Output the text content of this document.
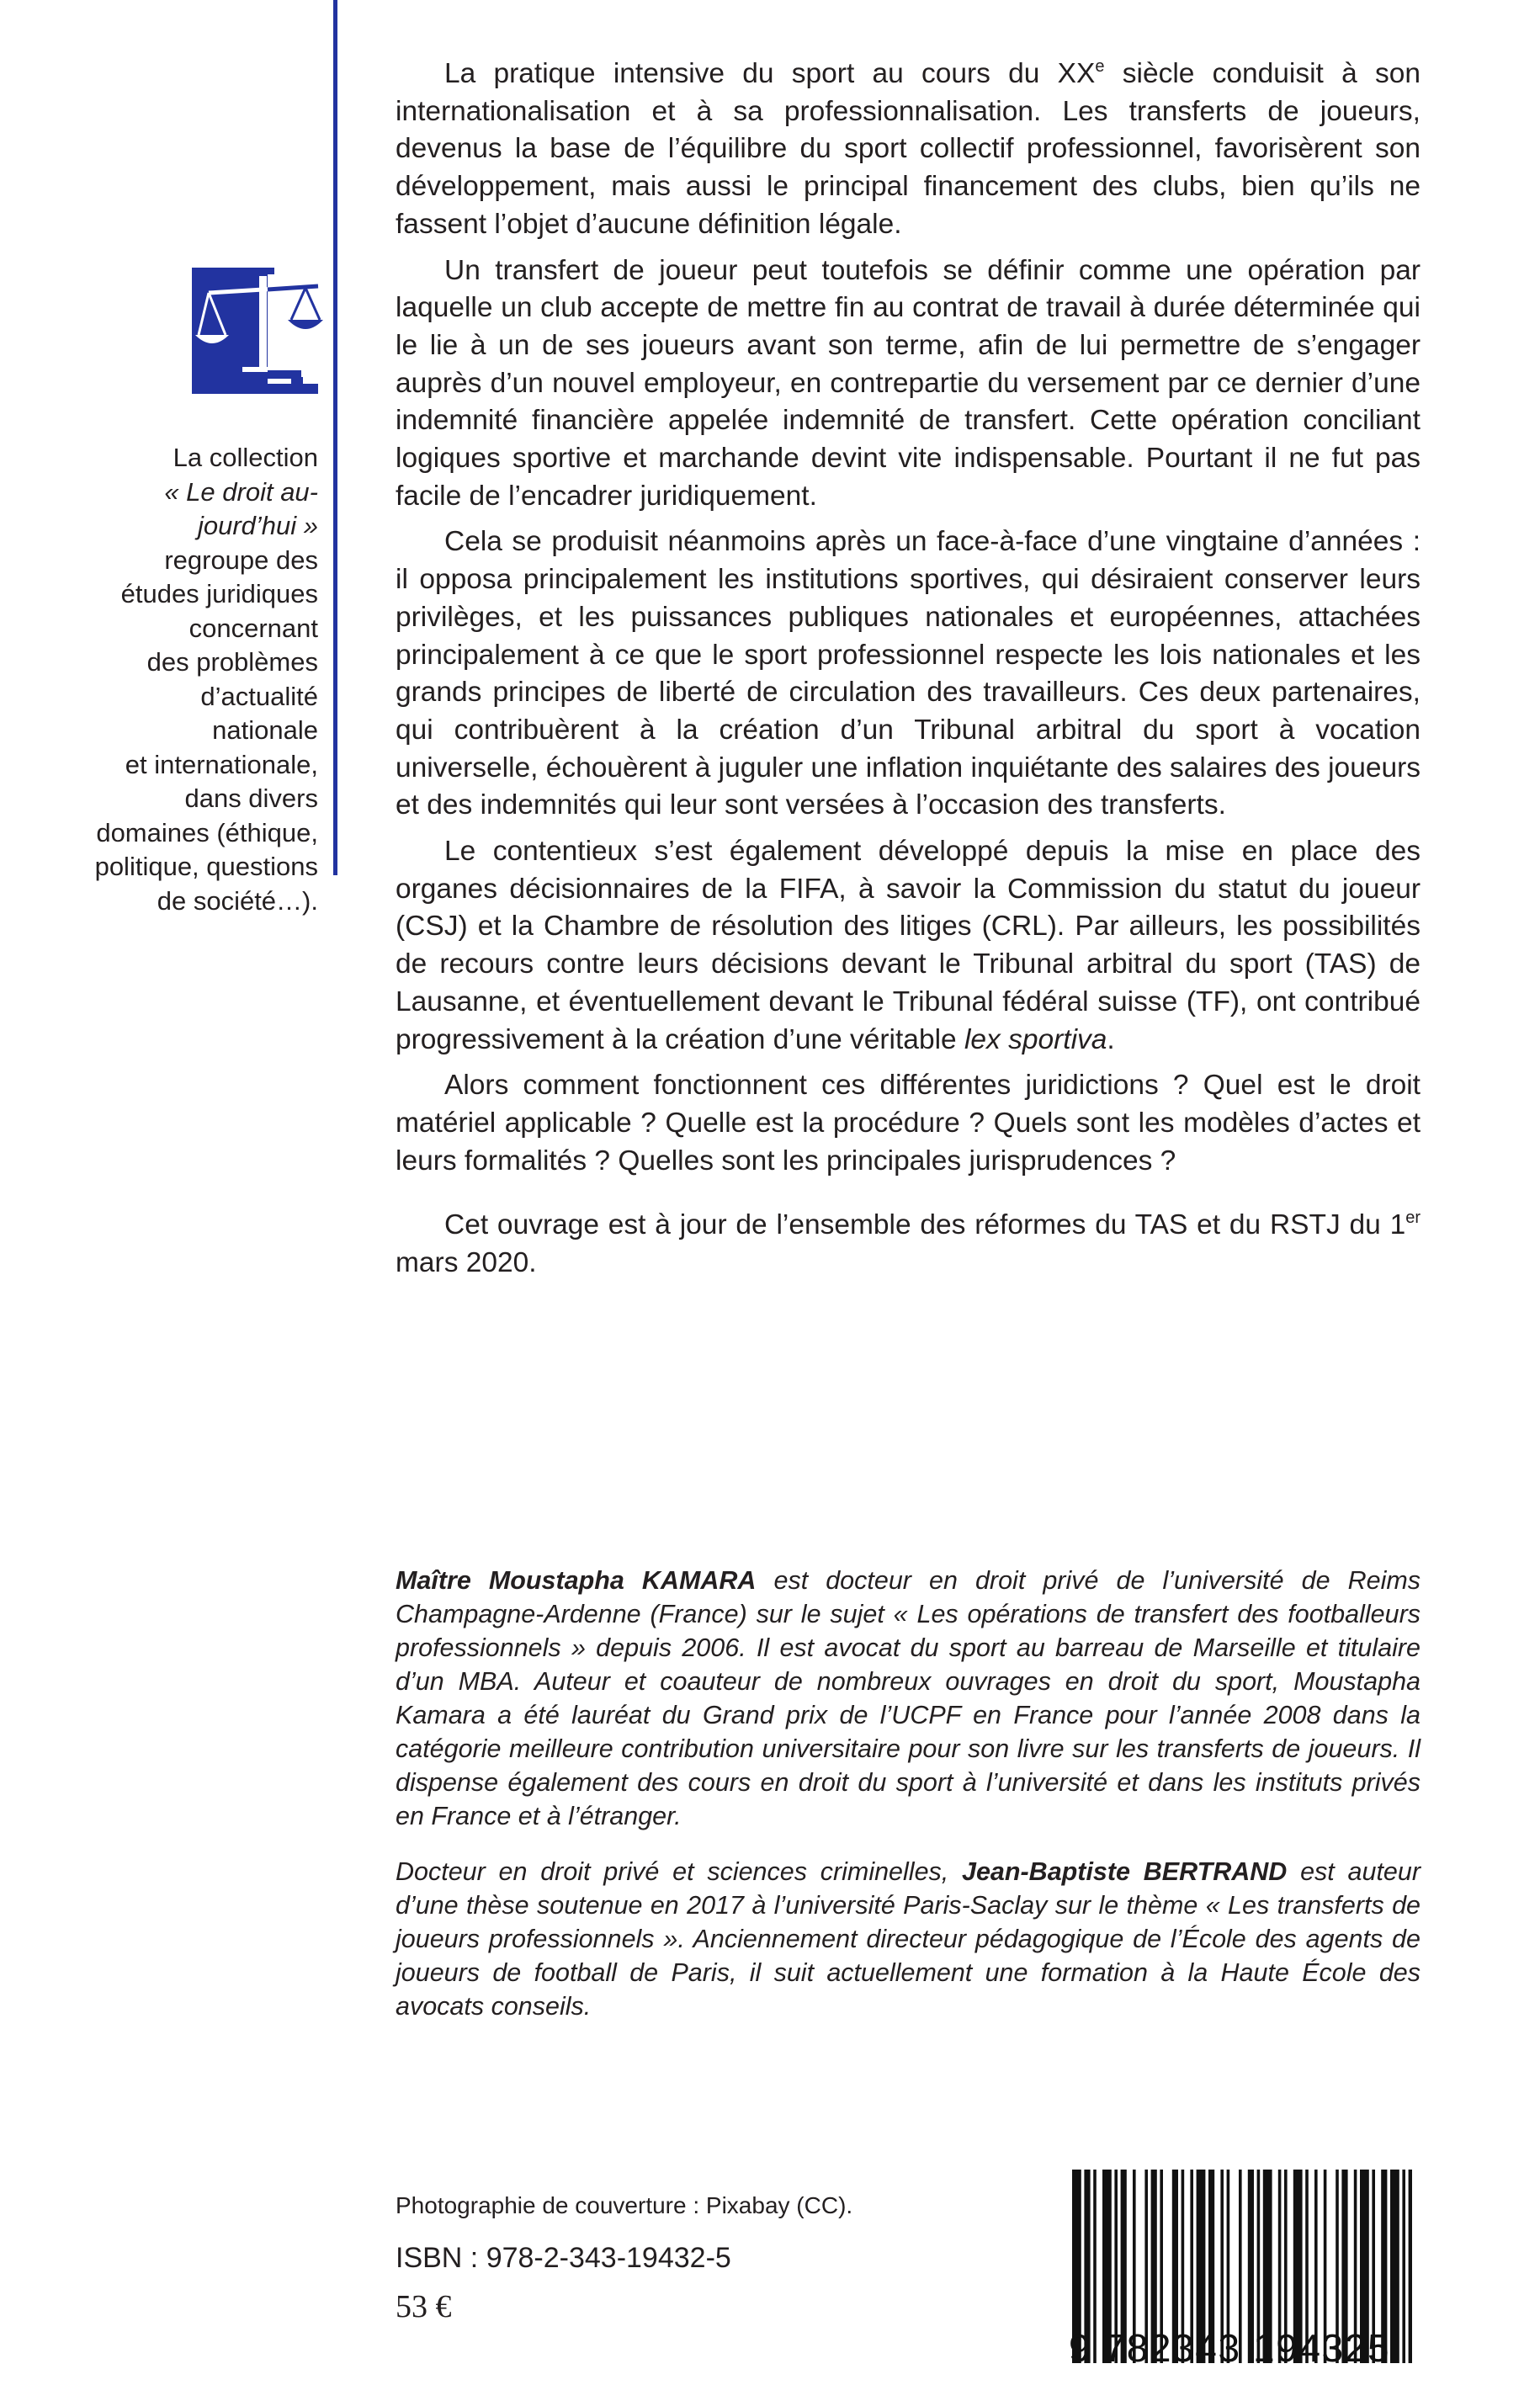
La collection
« Le droit au-
jourd’hui »
regroupe des
études juridiques
concernant
des problèmes
d’actualité nationale
et internationale,
dans divers
domaines (éthique,
politique, questions
de société…).

La pratique intensive du sport au cours du XXe siècle conduisit à son internationalisation et à sa professionnalisation. Les transferts de joueurs, devenus la base de l’équilibre du sport collectif professionnel, favorisèrent son développement, mais aussi le principal financement des clubs, bien qu’ils ne fassent l’objet d’aucune définition légale.

Un transfert de joueur peut toutefois se définir comme une opération par laquelle un club accepte de mettre fin au contrat de travail à durée déterminée qui le lie à un de ses joueurs avant son terme, afin de lui permettre de s’engager auprès d’un nouvel employeur, en contrepartie du versement par ce dernier d’une indemnité financière appelée indemnité de transfert. Cette opération conciliant logiques sportive et marchande devint vite indispensable. Pourtant il ne fut pas facile de l’encadrer juridiquement.

Cela se produisit néanmoins après un face-à-face d’une vingtaine d’années : il opposa principalement les institutions sportives, qui désiraient conserver leurs privilèges, et les puissances publiques nationales et européennes, attachées principalement à ce que le sport professionnel respecte les lois nationales et les grands principes de liberté de circulation des travailleurs. Ces deux partenaires, qui contribuèrent à la création d’un Tribunal arbitral du sport à vocation universelle, échouèrent à juguler une inflation inquiétante des salaires des joueurs et des indemnités qui leur sont versées à l’occasion des transferts.

Le contentieux s’est également développé depuis la mise en place des organes décisionnaires de la FIFA, à savoir la Commission du statut du joueur (CSJ) et la Chambre de résolution des litiges (CRL). Par ailleurs, les possibilités de recours contre leurs décisions devant le Tribunal arbitral du sport (TAS) de Lausanne, et éventuellement devant le Tribunal fédéral suisse (TF), ont contribué progressivement à la création d’une véritable lex sportiva.

Alors comment fonctionnent ces différentes juridictions ? Quel est le droit matériel applicable ? Quelle est la procédure ? Quels sont les modèles d’actes et leurs formalités ? Quelles sont les principales jurisprudences ?

Cet ouvrage est à jour de l’ensemble des réformes du TAS et du RSTJ du 1er mars 2020.

Maître Moustapha KAMARA est docteur en droit privé de l’université de Reims Champagne-Ardenne (France) sur le sujet « Les opérations de transfert des footballeurs professionnels » depuis 2006. Il est avocat du sport au barreau de Marseille et titulaire d’un MBA. Auteur et coauteur de nombreux ouvrages en droit du sport, Moustapha Kamara a été lauréat du Grand prix de l’UCPF en France pour l’année 2008 dans la catégorie meilleure contribution universitaire pour son livre sur les transferts de joueurs. Il dispense également des cours en droit du sport à l’université et dans les instituts privés en France et à l’étranger.

Docteur en droit privé et sciences criminelles, Jean-Baptiste BERTRAND est auteur d’une thèse soutenue en 2017 à l’université Paris-Saclay sur le thème « Les transferts de joueurs professionnels ». Anciennement directeur pédagogique de l’École des agents de joueurs de football de Paris, il suit actuellement une formation à la Haute École des avocats conseils.

Photographie de couverture : Pixabay (CC).
ISBN : 978-2-343-19432-5
53 €
9 782343 194325
